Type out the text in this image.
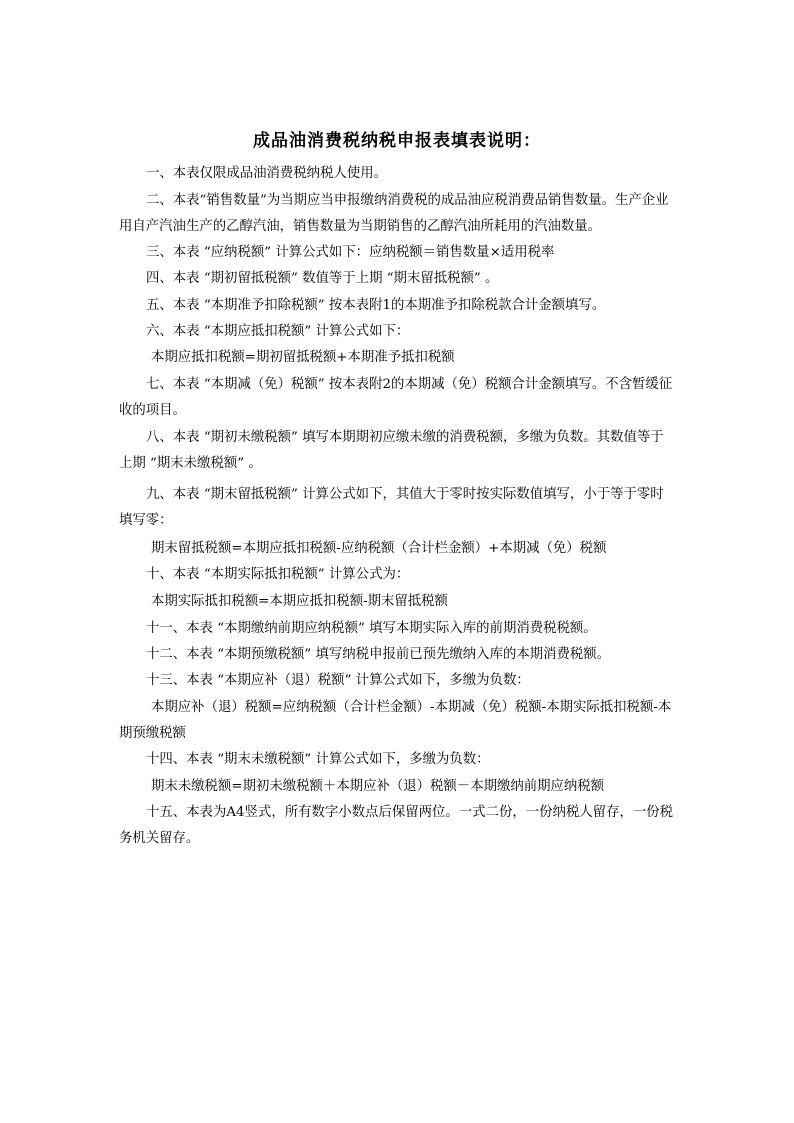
成品油消费税纳税申报表填表说明：
一、本表仅限成品油消费税纳税人使用。
二、本表“销售数量”为当期应当申报缴纳消费税的成品油应税消费品销售数量。生产企业用自产汽油生产的乙醇汽油，销售数量为当期销售的乙醇汽油所耗用的汽油数量。
三、本表 “应纳税额” 计算公式如下：应纳税额＝销售数量×适用税率
四、本表 “期初留抵税额” 数值等于上期 “期末留抵税额” 。
五、本表 “本期准予扣除税额” 按本表附1的本期准予扣除税款合计金额填写。
六、本表 “本期应抵扣税额” 计算公式如下：
本期应抵扣税额=期初留抵税额+本期准予抵扣税额
七、本表 “本期减（免）税额” 按本表附2的本期减（免）税额合计金额填写。不含暂缓征收的项目。
八、本表 “期初未缴税额” 填写本期期初应缴未缴的消费税额，多缴为负数。其数值等于上期 “期末未缴税额” 。
九、本表 “期末留抵税额” 计算公式如下，其值大于零时按实际数值填写，小于等于零时填写零：
期末留抵税额=本期应抵扣税额-应纳税额（合计栏金额）+本期减（免）税额
十、本表 “本期实际抵扣税额” 计算公式为：
本期实际抵扣税额=本期应抵扣税额-期末留抵税额
十一、本表 “本期缴纳前期应纳税额” 填写本期实际入库的前期消费税税额。
十二、本表 “本期预缴税额” 填写纳税申报前已预先缴纳入库的本期消费税额。
十三、本表 “本期应补（退）税额” 计算公式如下，多缴为负数：
本期应补（退）税额=应纳税额（合计栏金额）-本期减（免）税额-本期实际抵扣税额-本期预缴税额
十四、本表 “期末未缴税额” 计算公式如下，多缴为负数：
期末未缴税额=期初未缴税额＋本期应补（退）税额－本期缴纳前期应纳税额
十五、本表为A4竖式，所有数字小数点后保留两位。一式二份，一份纳税人留存，一份税务机关留存。
